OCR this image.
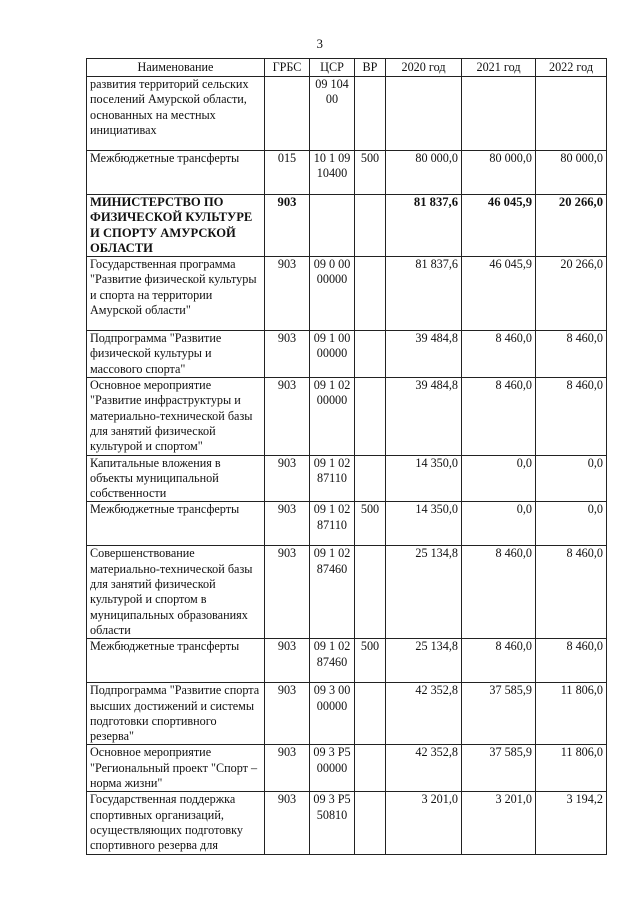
3
Наименование	ГРБС	ЦСР	ВР	2020 год	2021 год	2022 год
развития территорий сельских поселений Амурской области, основанных на местных инициативах		09 10400				
Межбюджетные трансферты	015	10 1 09 10400	500	80 000,0	80 000,0	80 000,0
МИНИСТЕРСТВО ПО ФИЗИЧЕСКОЙ КУЛЬТУРЕ И СПОРТУ АМУРСКОЙ ОБЛАСТИ	903			81 837,6	46 045,9	20 266,0
Государственная программа "Развитие физической культуры и спорта на территории Амурской области"	903	09 0 00 00000		81 837,6	46 045,9	20 266,0
Подпрограмма "Развитие физической культуры и массового спорта"	903	09 1 00 00000		39 484,8	8 460,0	8 460,0
Основное мероприятие "Развитие инфраструктуры и материально-технической базы для занятий физической культурой и спортом"	903	09 1 02 00000		39 484,8	8 460,0	8 460,0
Капитальные вложения в объекты муниципальной собственности	903	09 1 02 87110		14 350,0	0,0	0,0
Межбюджетные трансферты	903	09 1 02 87110	500	14 350,0	0,0	0,0
Совершенствование материально-технической базы для занятий физической культурой и спортом в муниципальных образованиях области	903	09 1 02 87460		25 134,8	8 460,0	8 460,0
Межбюджетные трансферты	903	09 1 02 87460	500	25 134,8	8 460,0	8 460,0
Подпрограмма "Развитие спорта высших достижений и системы подготовки спортивного резерва"	903	09 3 00 00000		42 352,8	37 585,9	11 806,0
Основное мероприятие "Региональный проект "Спорт – норма жизни"	903	09 3 P5 00000		42 352,8	37 585,9	11 806,0
Государственная поддержка спортивных организаций, осуществляющих подготовку спортивного резерва для	903	09 3 P5 50810		3 201,0	3 201,0	3 194,2
